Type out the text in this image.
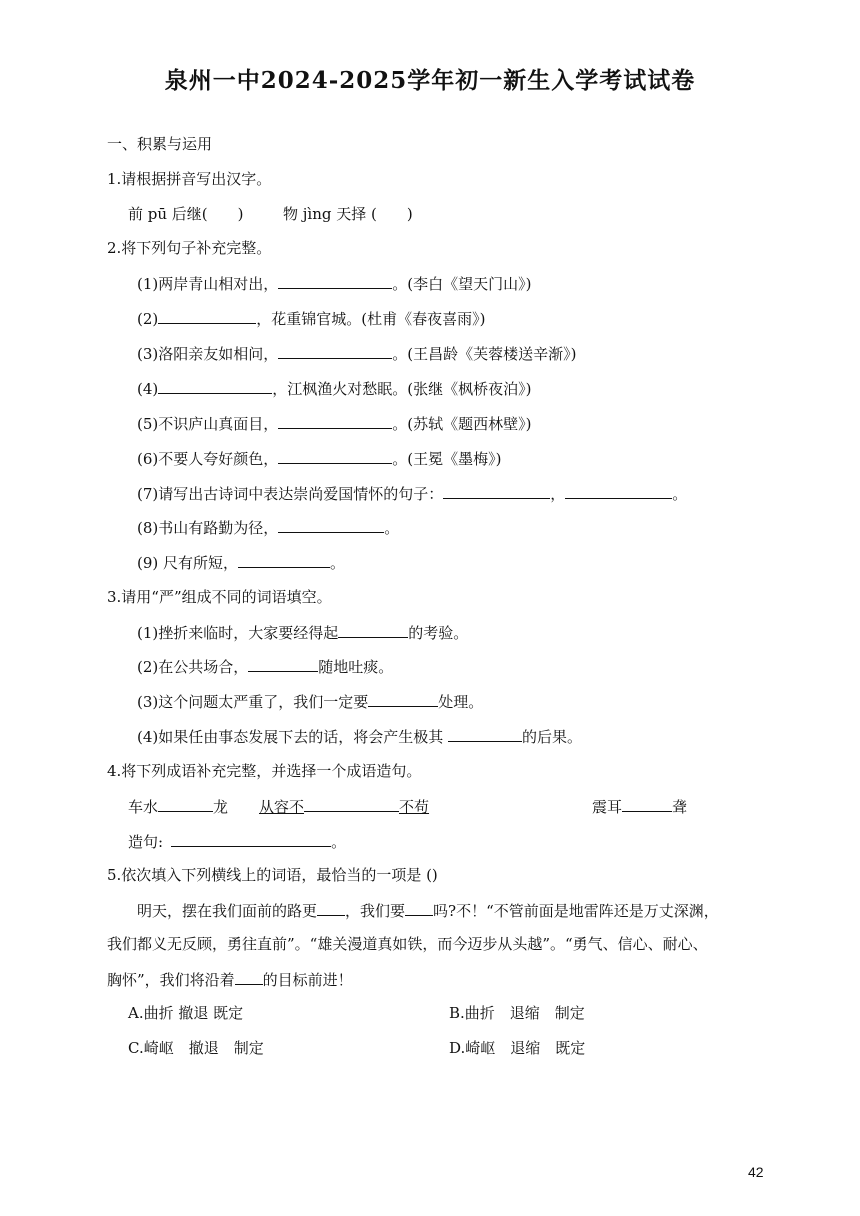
泉州一中2024-2025学年初一新生入学考试试卷
一、积累与运用
1.请根据拼音写出汉字。
前 pū 后继(　　)	物 jìng 天择 (　　)
2.将下列句子补充完整。
(1)两岸青山相对出，	。(李白《望天门山》)
(2)	，花重锦官城。(杜甫《春夜喜雨》)
(3)洛阳亲友如相问，	。(王昌龄《芙蓉楼送辛渐》)
(4)	，江枫渔火对愁眠。(张继《枫桥夜泊》)
(5)不识庐山真面目，	。(苏轼《题西林壁》)
(6)不要人夸好颜色，	。(王冕《墨梅》)
(7)请写出古诗词中表达崇尚爱国情怀的句子：	，	。
(8)书山有路勤为径，	。
(9) 尺有所短，	。
3.请用“严”组成不同的词语填空。
(1)挫折来临时，大家要经得起	的考验。
(2)在公共场合，	随地吐痰。
(3)这个问题太严重了，我们一定要	处理。
(4)如果任由事态发展下去的话，将会产生极其	的后果。
4.将下列成语补充完整，并选择一个成语造句。
车水	龙 从容不	不苟	震耳	聋
造句:	。
5.依次填入下列横线上的词语，最恰当的一项是 ()
明天，摆在我们面前的路更 ，我们要 吗?不！“不管前面是地雷阵还是万丈深渊，
我们都义无反顾，勇往直前”。“雄关漫道真如铁，而今迈步从头越”。“勇气、信心、耐心、
胸怀”，我们将沿着 的目标前进！
A.曲折 撤退 既定	B.曲折　退缩　制定
C.崎岖　撤退　制定	D.崎岖　退缩　既定
42
